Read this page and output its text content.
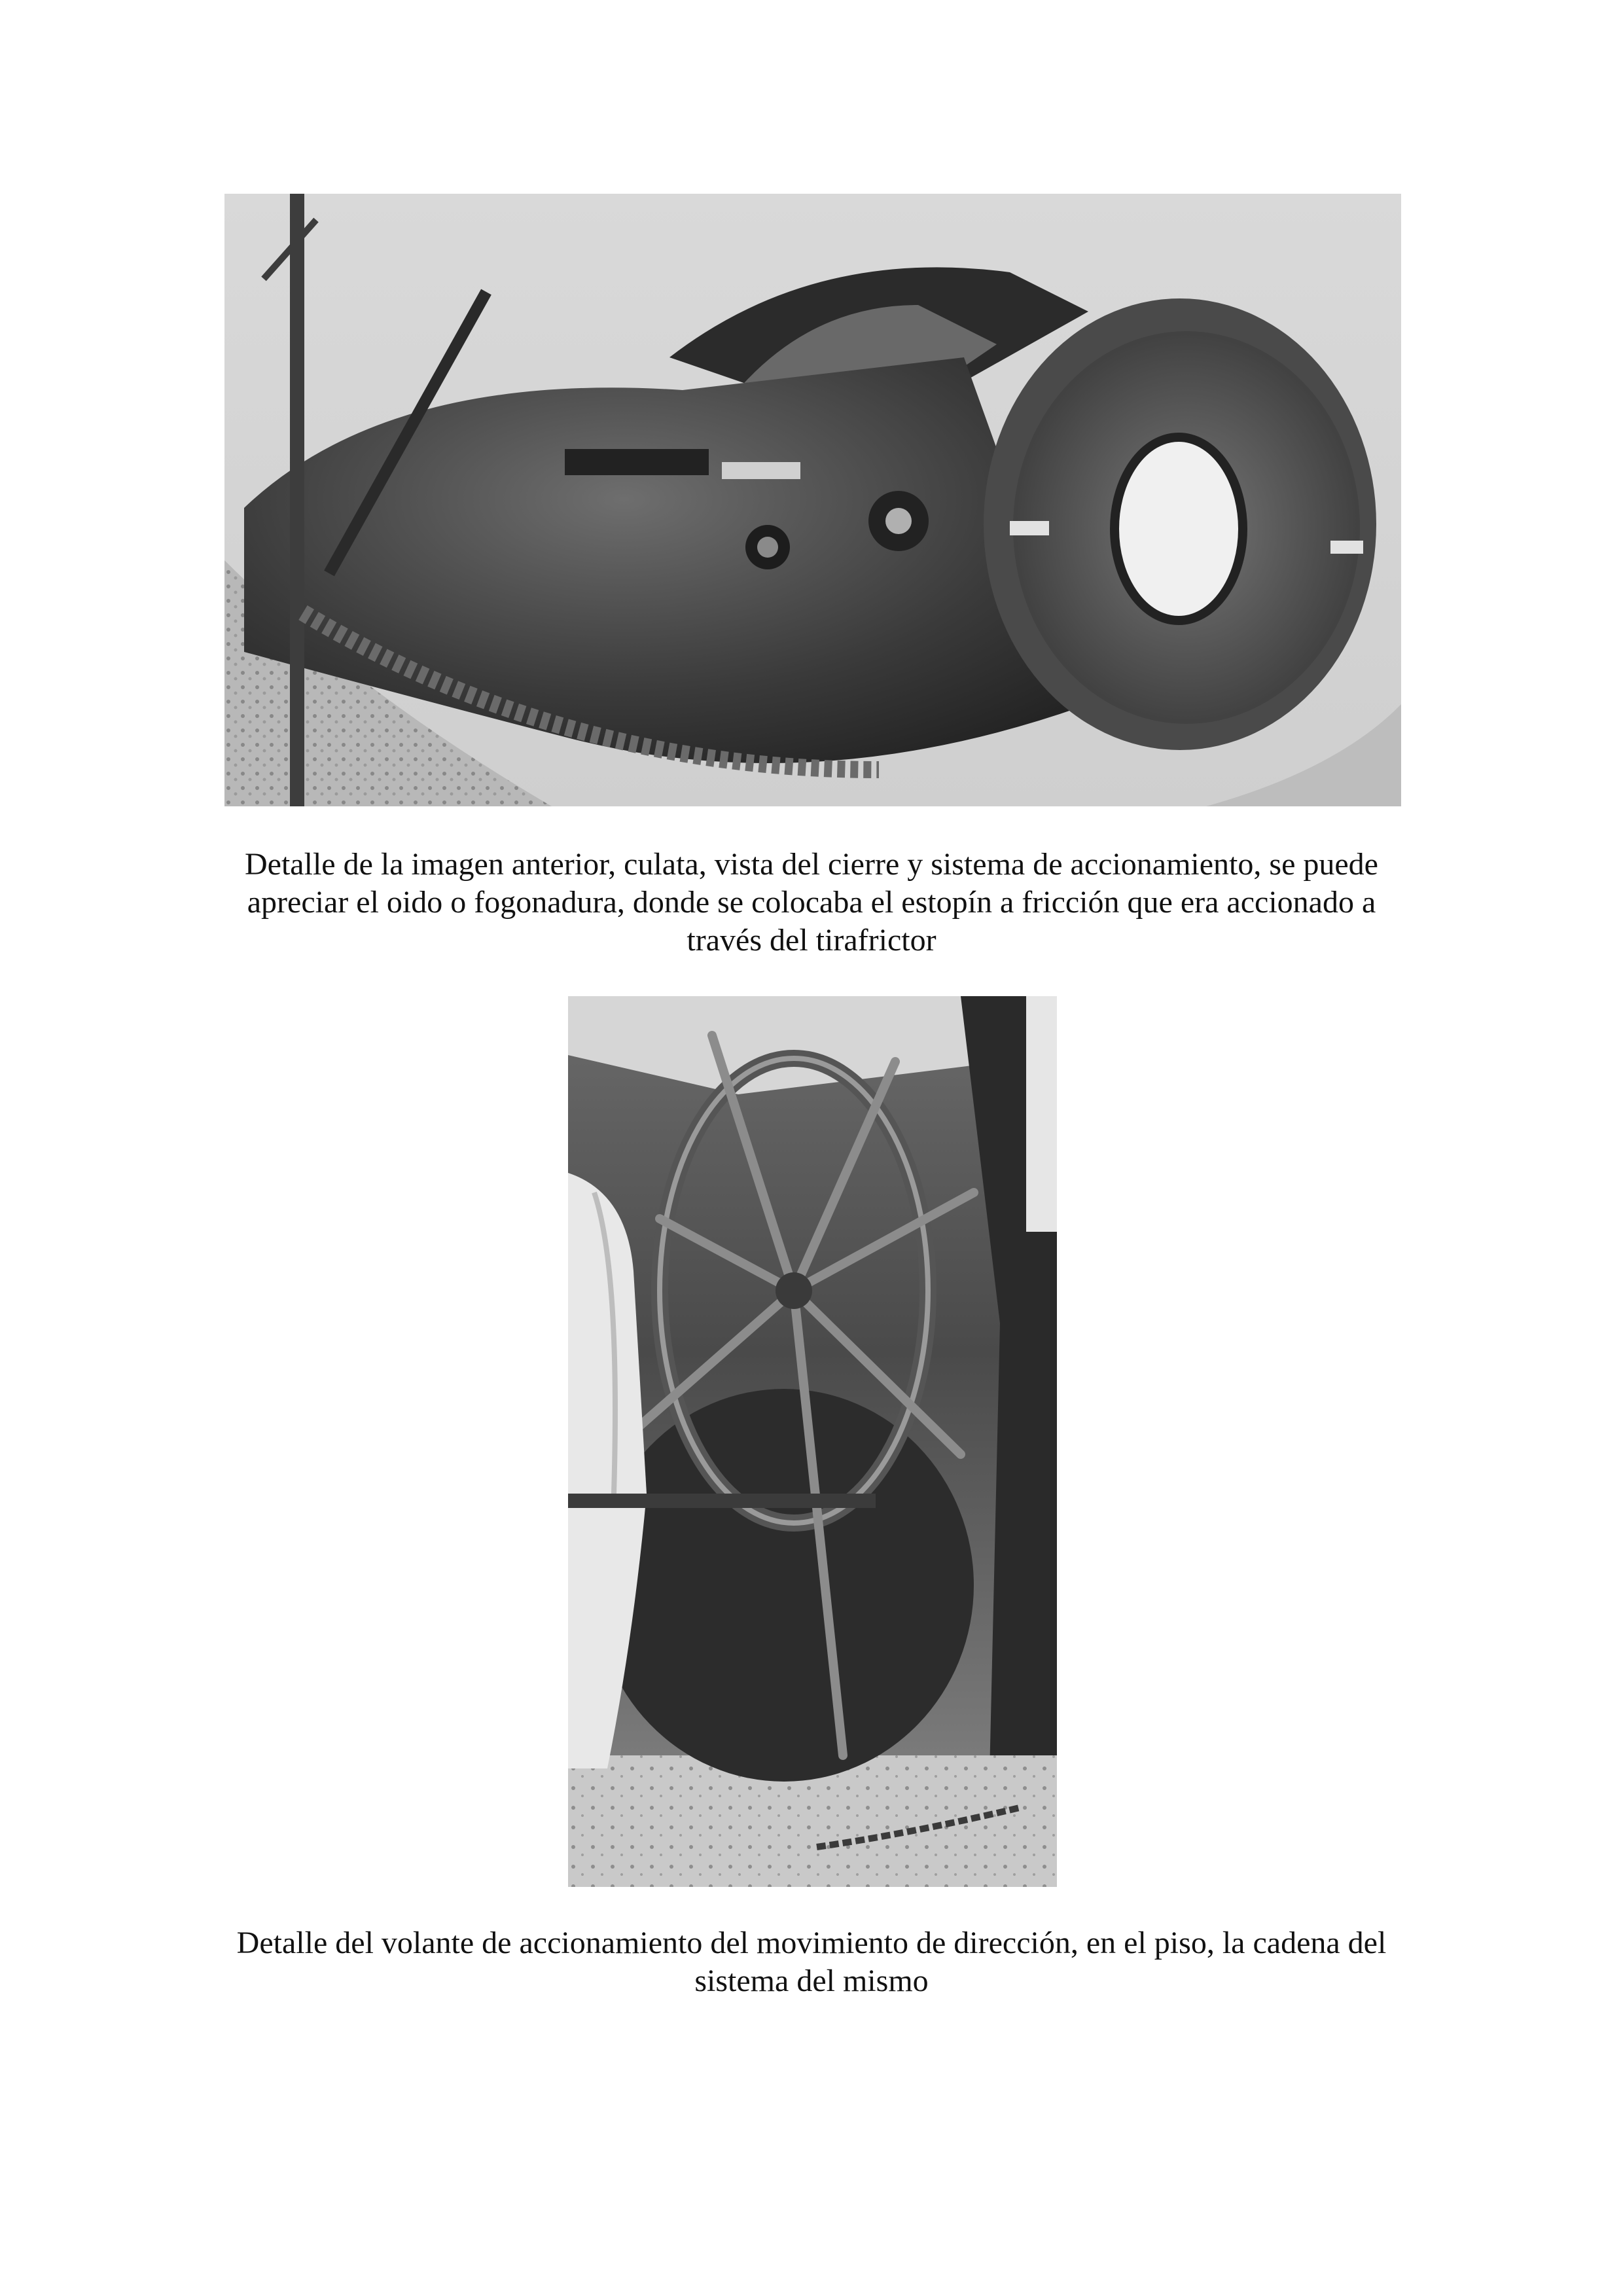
Detalle de la imagen anterior, culata, vista del cierre y sistema de accionamiento, se puede
apreciar el oido o fogonadura, donde se colocaba el estopín a fricción que era accionado a
través del tirafrictor
Detalle del volante de accionamiento del movimiento de dirección, en el piso, la cadena del
sistema del mismo
